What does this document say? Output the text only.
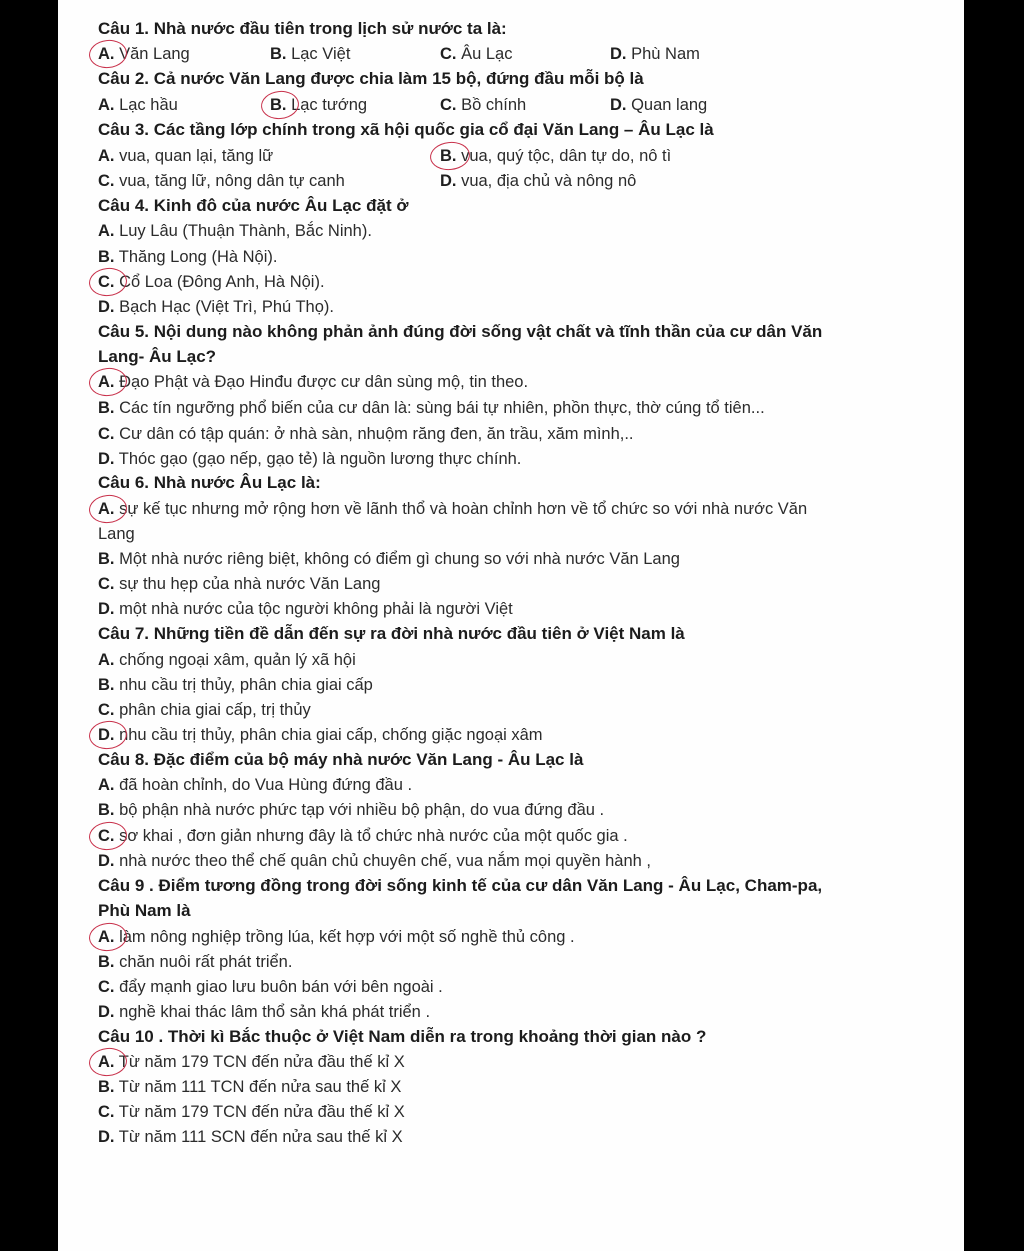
Câu 1. Nhà nước đầu tiên trong lịch sử nước ta là:
A. Văn Lang	B. Lạc Việt	C. Âu Lạc	D. Phù Nam
Câu 2. Cả nước Văn Lang được chia làm 15 bộ, đứng đầu mỗi bộ là
A. Lạc hầu	B. Lạc tướng	C. Bồ chính	D. Quan lang
Câu 3. Các tầng lớp chính trong xã hội quốc gia cổ đại Văn Lang – Âu Lạc là
A. vua, quan lại, tăng lữ	B. vua, quý tộc, dân tự do, nô tì
C. vua, tăng lữ, nông dân tự canh	D. vua, địa chủ và nông nô
Câu 4. Kinh đô của nước Âu Lạc đặt ở
A. Luy Lâu (Thuận Thành, Bắc Ninh).
B. Thăng Long (Hà Nội).
C. Cổ Loa (Đông Anh, Hà Nội).
D. Bạch Hạc (Việt Trì, Phú Thọ).
Câu 5. Nội dung nào không phản ảnh đúng đời sống vật chất và tĩnh thần của cư dân Văn
Lang- Âu Lạc?
A. Đạo Phật và Đạo Hinđu được cư dân sùng mộ, tin theo.
B. Các tín ngưỡng phổ biến của cư dân là: sùng bái tự nhiên, phồn thực, thờ cúng tổ tiên...
C. Cư dân có tập quán: ở nhà sàn, nhuộm răng đen, ăn trầu, xăm mình,..
D. Thóc gạo (gạo nếp, gạo tẻ) là nguồn lương thực chính.
Câu 6. Nhà nước Âu Lạc là:
A. sự kế tục nhưng mở rộng hơn về lãnh thổ và hoàn chỉnh hơn về tổ chức so với nhà nước Văn
Lang
B. Một nhà nước riêng biệt, không có điểm gì chung so với nhà nước Văn Lang
C. sự thu hẹp của nhà nước Văn Lang
D. một nhà nước của tộc người không phải là người Việt
Câu 7. Những tiền đề dẫn đến sự ra đời nhà nước đầu tiên ở Việt Nam là
A. chống ngoại xâm, quản lý xã hội
B. nhu cầu trị thủy, phân chia giai cấp
C. phân chia giai cấp, trị thủy
D. nhu cầu trị thủy, phân chia giai cấp, chống giặc ngoại xâm
Câu 8. Đặc điểm của bộ máy nhà nước Văn Lang - Âu Lạc là
A. đã hoàn chỉnh, do Vua Hùng đứng đầu .
B. bộ phận nhà nước phức tạp với nhiều bộ phận, do vua đứng đầu .
C. sơ khai , đơn giản nhưng đây là tổ chức nhà nước của một quốc gia .
D. nhà nước theo thể chế quân chủ chuyên chế, vua nắm mọi quyền hành ,
Câu 9 . Điểm tương đồng trong đời sống kinh tế của cư dân Văn Lang - Âu Lạc, Cham-pa,
Phù Nam là
A. làm nông nghiệp trồng lúa, kết hợp với một số nghề thủ công .
B. chăn nuôi rất phát triển.
C. đẩy mạnh giao lưu buôn bán với bên ngoài .
D. nghề khai thác lâm thổ sản khá phát triển .
Câu 10 . Thời kì Bắc thuộc ở Việt Nam diễn ra trong khoảng thời gian nào ?
A. Từ năm 179 TCN đến nửa đầu thế kỉ X
B. Từ năm 111 TCN đến nửa sau thế kỉ X
C. Từ năm 179 TCN đến nửa đầu thế kỉ X
D. Từ năm 111 SCN đến nửa sau thế kỉ X
